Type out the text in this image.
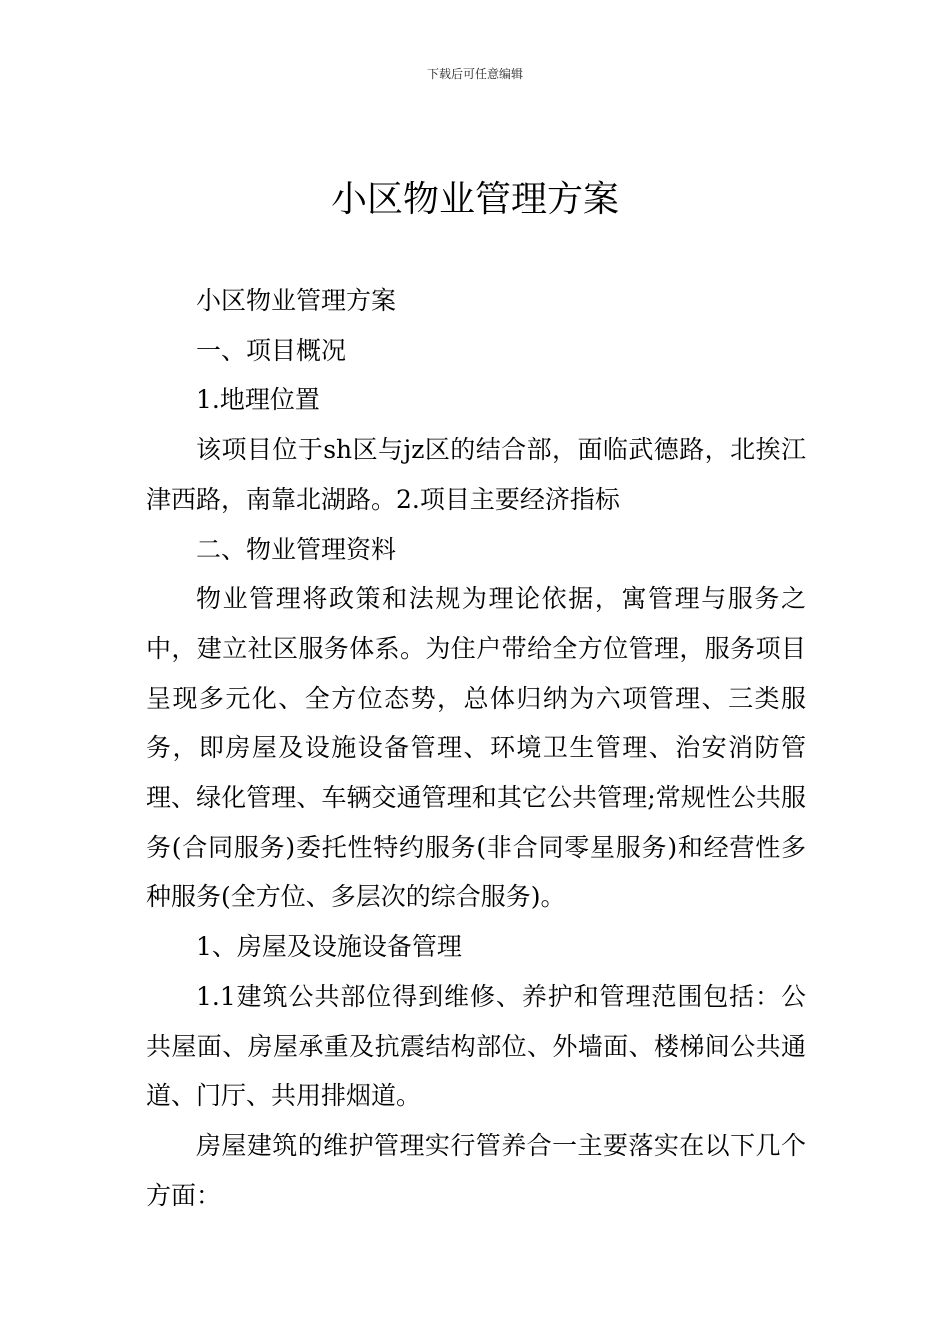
下载后可任意编辑
小区物业管理方案

小区物业管理方案

一、项目概况

1.地理位置

该项目位于sh区与jz区的结合部，面临武德路，北挨江津西路，南靠北湖路。2.项目主要经济指标

二、物业管理资料

物业管理将政策和法规为理论依据，寓管理与服务之中，建立社区服务体系。为住户带给全方位管理，服务项目呈现多元化、全方位态势，总体归纳为六项管理、三类服务，即房屋及设施设备管理、环境卫生管理、治安消防管理、绿化管理、车辆交通管理和其它公共管理;常规性公共服务(合同服务)委托性特约服务(非合同零星服务)和经营性多种服务(全方位、多层次的综合服务)。

1、房屋及设施设备管理

1.1建筑公共部位得到维修、养护和管理范围包括：公共屋面、房屋承重及抗震结构部位、外墙面、楼梯间公共通道、门厅、共用排烟道。

房屋建筑的维护管理实行管养合一主要落实在以下几个方面：
